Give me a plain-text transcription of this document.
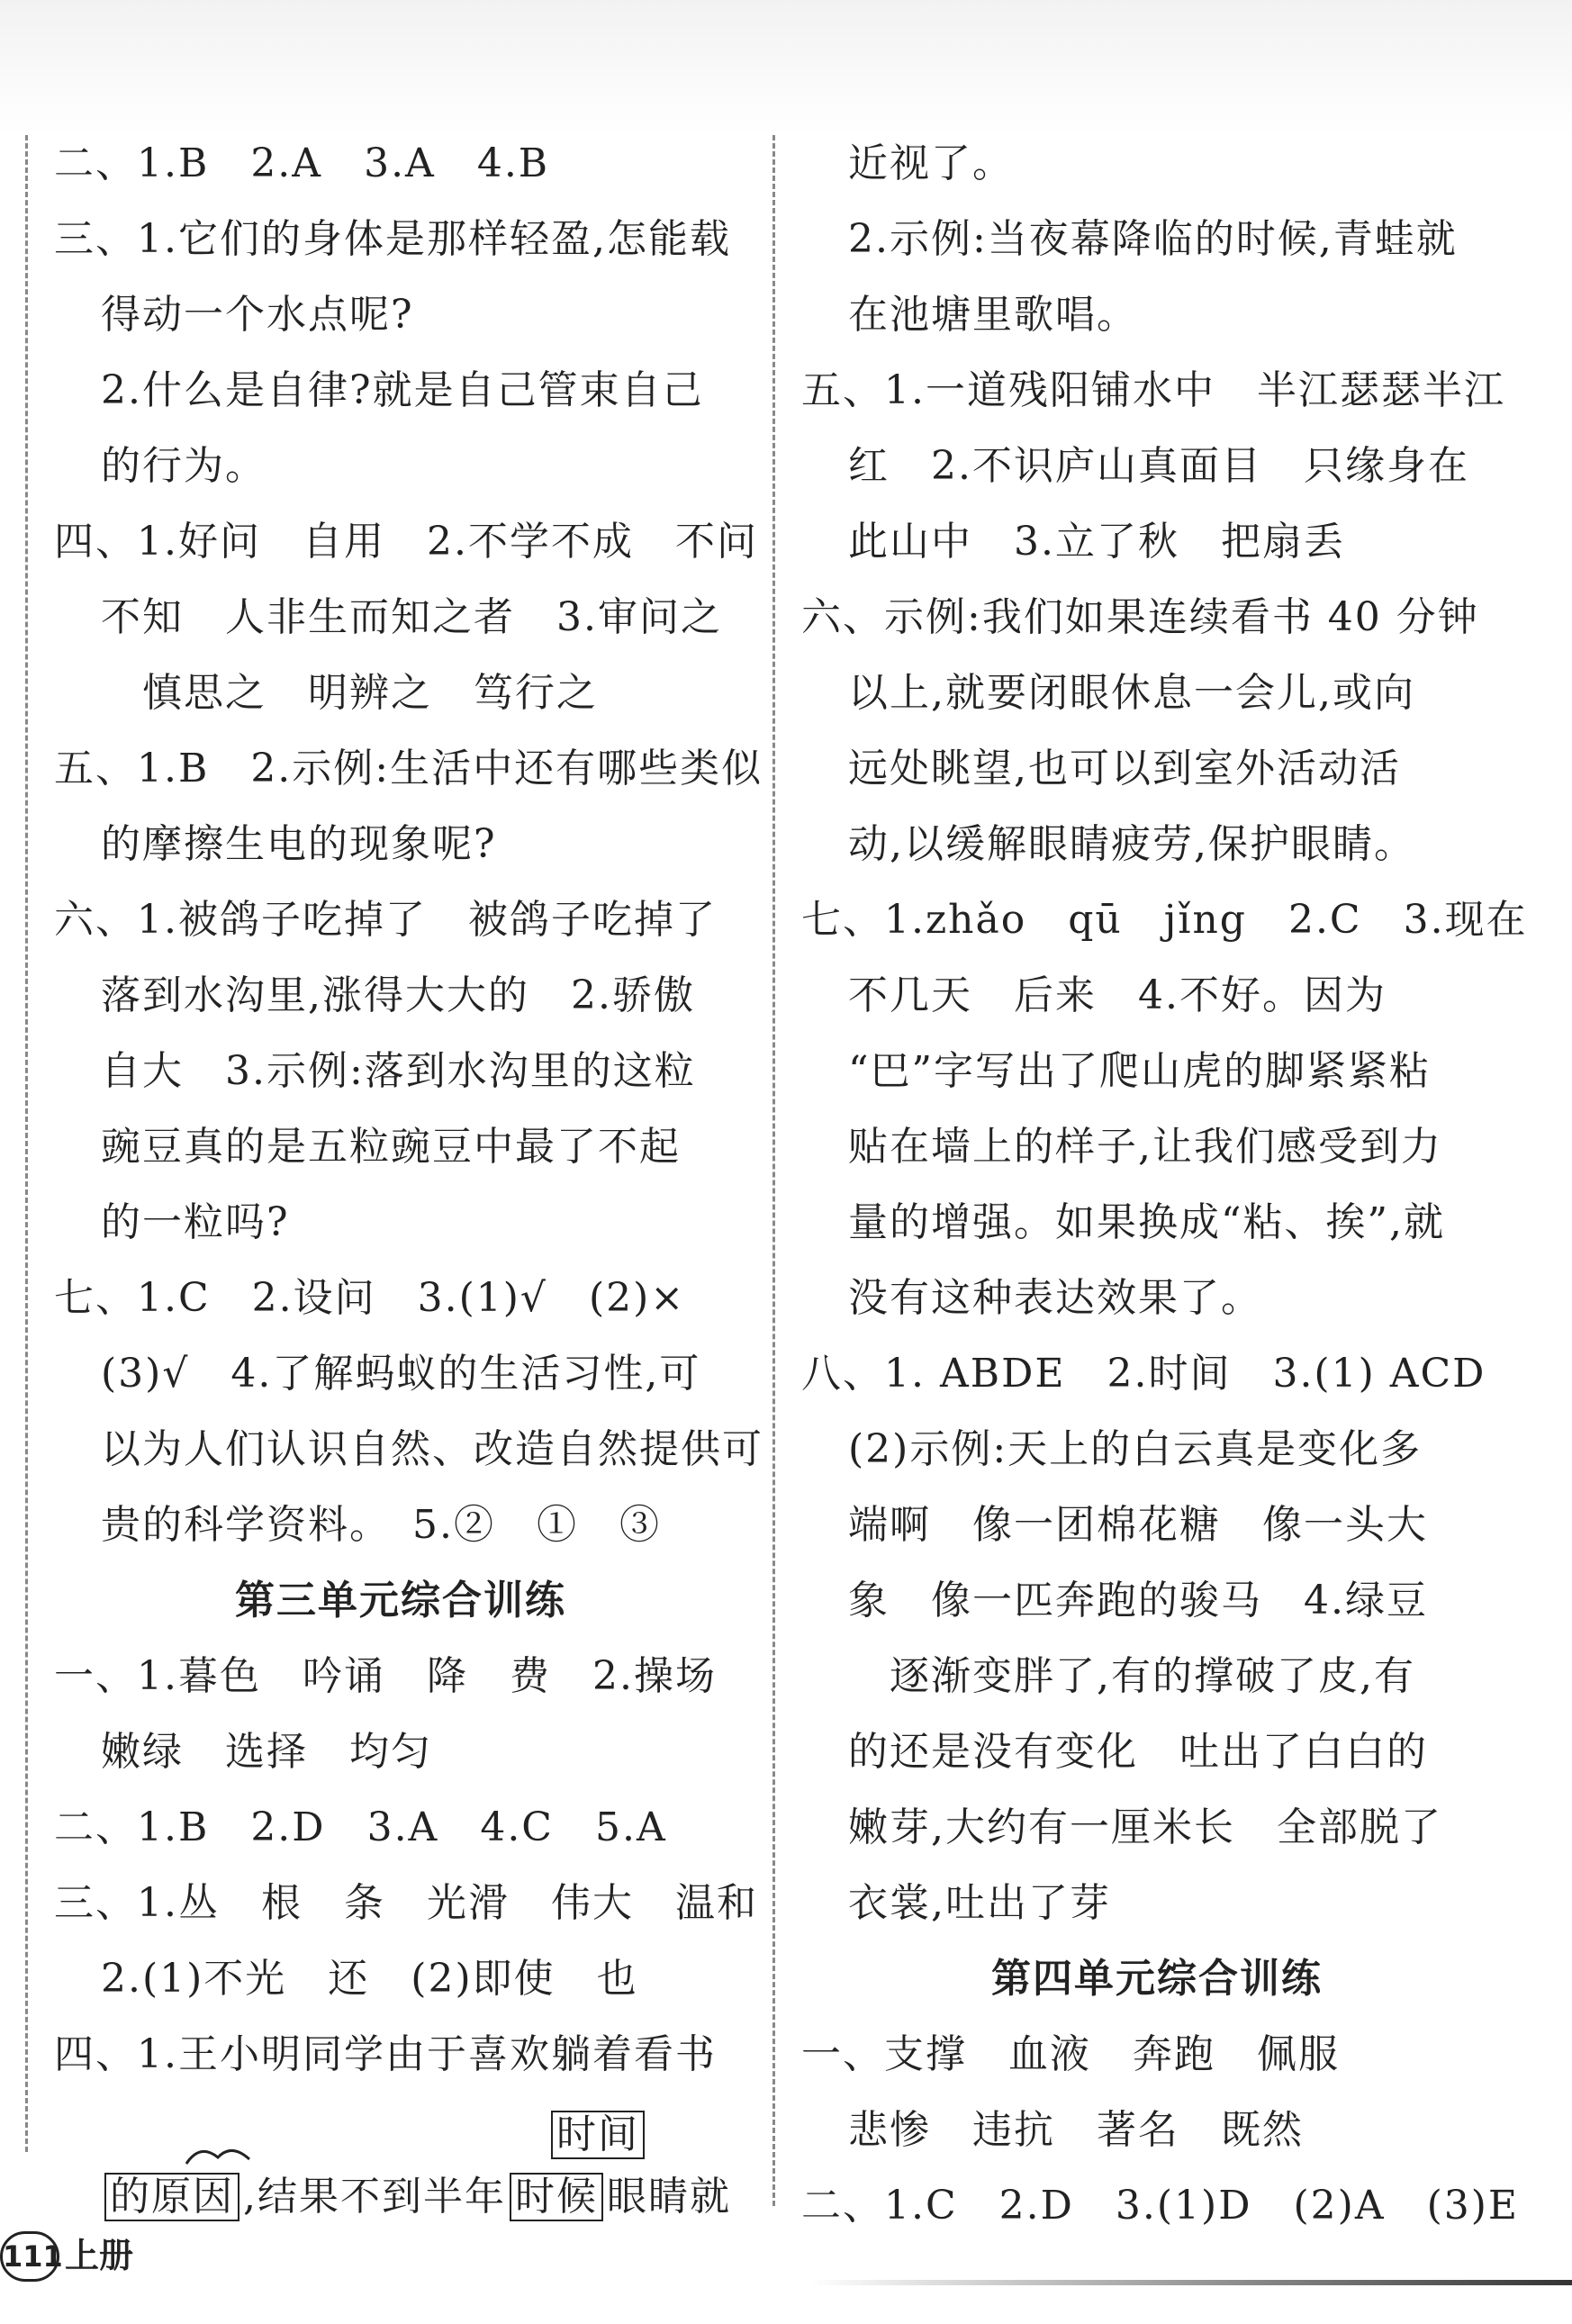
二、1.B　2.A　3.A　4.B
三、1.它们的身体是那样轻盈,怎能载
得动一个水点呢?
2.什么是自律?就是自己管束自己
的行为。
四、1.好问　自用　2.不学不成　不问
不知　人非生而知之者　3.审问之
慎思之　明辨之　笃行之
五、1.B　2.示例:生活中还有哪些类似
的摩擦生电的现象呢?
六、1.被鸽子吃掉了　被鸽子吃掉了
落到水沟里,涨得大大的　2.骄傲
自大　3.示例:落到水沟里的这粒
豌豆真的是五粒豌豆中最了不起
的一粒吗?
七、1.C　2.设问　3.(1)√　(2)×
(3)√　4.了解蚂蚁的生活习性,可
以为人们认识自然、改造自然提供可
贵的科学资料。　5.②　①　③
第三单元综合训练
一、1.暮色　吟诵　降　费　2.操场
嫩绿　选择　均匀
二、1.B　2.D　3.A　4.C　5.A
三、1.丛　根　条　光滑　伟大　温和
2.(1)不光　还　(2)即使　也
四、1.王小明同学由于喜欢躺着看书
时间
的原因 ,结果不到半年 时候 眼睛就
近视了。
2.示例:当夜幕降临的时候,青蛙就
在池塘里歌唱。
五、1.一道残阳铺水中　半江瑟瑟半江
红　2.不识庐山真面目　只缘身在
此山中　3.立了秋　把扇丢
六、示例:我们如果连续看书 40 分钟
以上,就要闭眼休息一会儿,或向
远处眺望,也可以到室外活动活
动,以缓解眼睛疲劳,保护眼睛。
七、1.zhǎo　qū　jǐng　2.C　3.现在
不几天　后来　4.不好。因为
“巴”字写出了爬山虎的脚紧紧粘
贴在墙上的样子,让我们感受到力
量的增强。如果换成“粘、挨”,就
没有这种表达效果了。
八、1. ABDE　2.时间　3.(1) ACD
(2)示例:天上的白云真是变化多
端啊　像一团棉花糖　像一头大
象　像一匹奔跑的骏马　4.绿豆
逐渐变胖了,有的撑破了皮,有
的还是没有变化　吐出了白白的
嫩芽,大约有一厘米长　全部脱了
衣裳,吐出了芽
第四单元综合训练
一、支撑　血液　奔跑　佩服
悲惨　违抗　著名　既然
二、1.C　2.D　3.(1)D　(2)A　(3)E
111 上册
